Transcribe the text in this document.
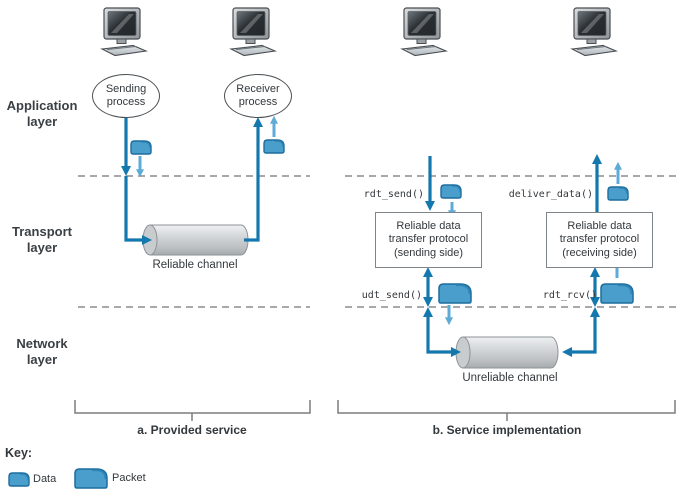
Application
layer
Transport
layer
Network
layer
Sending
process
Receiver
process
Reliable data
transfer protocol
(sending side)
Reliable data
transfer protocol
(receiving side)
Reliable channel
Unreliable channel
rdt_send()	deliver_data()
udt_send()	rdt_rcv()
a. Provided service	b. Service implementation
Key:
Data	Packet
